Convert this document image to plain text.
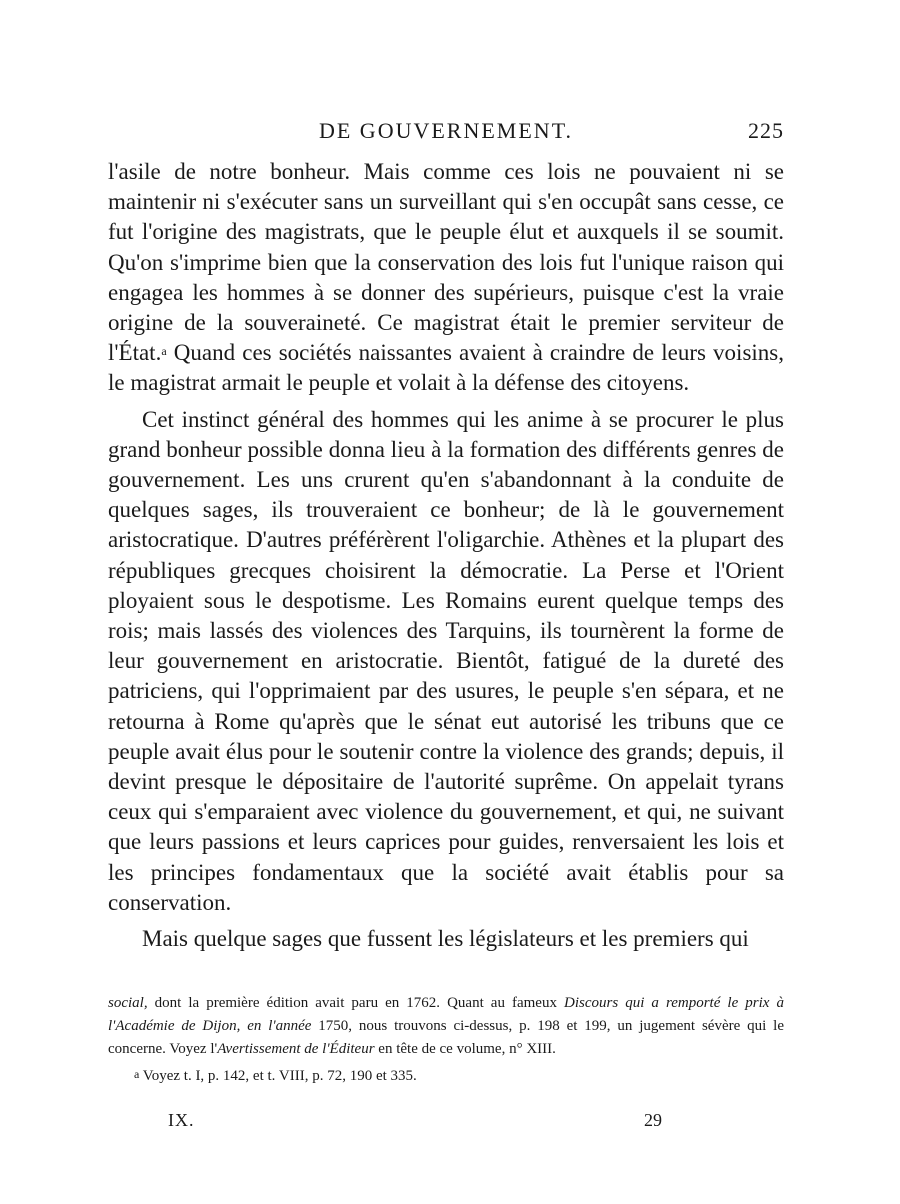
DE GOUVERNEMENT.	225

l'asile de notre bonheur. Mais comme ces lois ne pouvaient ni se maintenir ni s'exécuter sans un surveillant qui s'en occupât sans cesse, ce fut l'origine des magistrats, que le peuple élut et auxquels il se soumit. Qu'on s'imprime bien que la conservation des lois fut l'unique raison qui engagea les hommes à se donner des supérieurs, puisque c'est la vraie origine de la souveraineté. Ce magistrat était le premier serviteur de l'État.$^a$ Quand ces sociétés naissantes avaient à craindre de leurs voisins, le magistrat armait le peuple et volait à la défense des citoyens.

Cet instinct général des hommes qui les anime à se procurer le plus grand bonheur possible donna lieu à la formation des différents genres de gouvernement. Les uns crurent qu'en s'abandonnant à la conduite de quelques sages, ils trouveraient ce bonheur; de là le gouvernement aristocratique. D'autres préférèrent l'oligarchie. Athènes et la plupart des républiques grecques choisirent la démocratie. La Perse et l'Orient ployaient sous le despotisme. Les Romains eurent quelque temps des rois; mais lassés des violences des Tarquins, ils tournèrent la forme de leur gouvernement en aristocratie. Bientôt, fatigué de la dureté des patriciens, qui l'opprimaient par des usures, le peuple s'en sépara, et ne retourna à Rome qu'après que le sénat eut autorisé les tribuns que ce peuple avait élus pour le soutenir contre la violence des grands; depuis, il devint presque le dépositaire de l'autorité suprême. On appelait tyrans ceux qui s'emparaient avec violence du gouvernement, et qui, ne suivant que leurs passions et leurs caprices pour guides, renversaient les lois et les principes fondamentaux que la société avait établis pour sa conservation.

Mais quelque sages que fussent les législateurs et les premiers qui

social, dont la première édition avait paru en 1762. Quant au fameux Discours qui a remporté le prix à l'Académie de Dijon, en l'année 1750, nous trouvons ci-dessus, p. 198 et 199, un jugement sévère qui le concerne. Voyez l'Avertissement de l'Éditeur en tête de ce volume, n° XIII.

$^a$ Voyez t. I, p. 142, et t. VIII, p. 72, 190 et 335.

IX.	29
